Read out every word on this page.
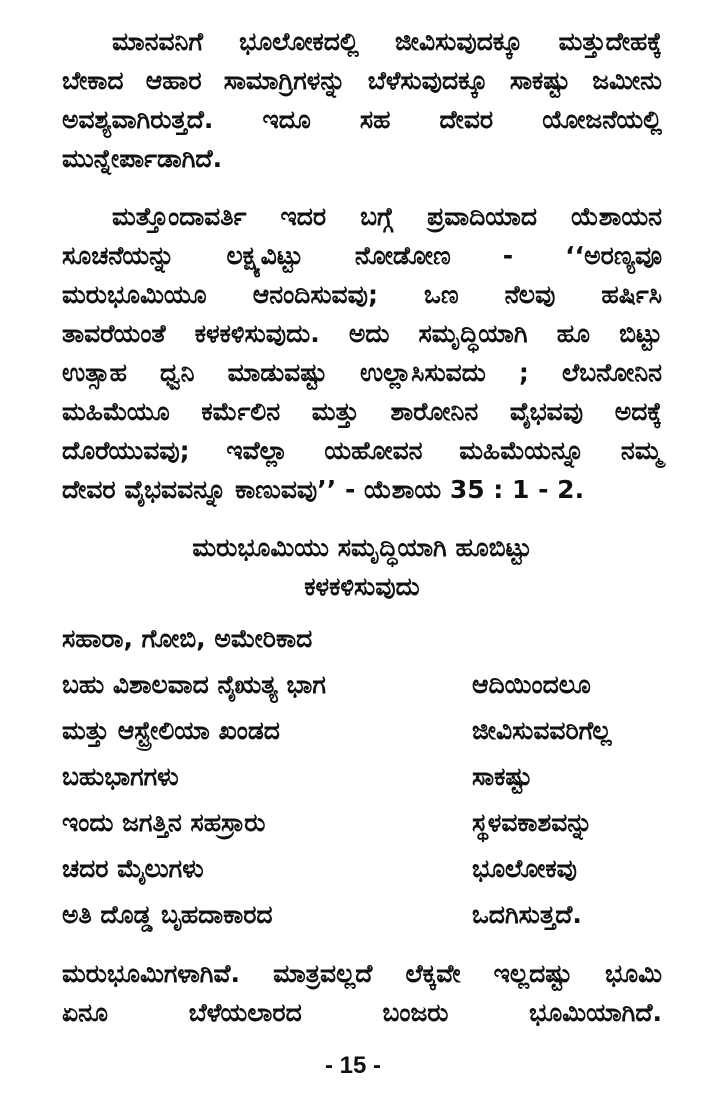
ಮಾನವನಿಗೆ ಭೂಲೋಕದಲ್ಲಿ ಜೀವಿಸುವುದಕ್ಕೂ ಮತ್ತುದೇಹಕ್ಕೆ
ಬೇಕಾದ ಆಹಾರ ಸಾಮಾಗ್ರಿಗಳನ್ನು ಬೆಳೆಸುವುದಕ್ಕೂ ಸಾಕಷ್ಟು ಜಮೀನು
ಅವಶ್ಯವಾಗಿರುತ್ತದೆ. ಇದೂ ಸಹ ದೇವರ ಯೋಜನೆಯಲ್ಲಿ
ಮುನ್ನೇರ್ಪಾಡಾಗಿದೆ.
ಮತ್ತೊಂದಾವರ್ತಿ ಇದರ ಬಗ್ಗೆ ಪ್ರವಾದಿಯಾದ ಯೆಶಾಯನ
ಸೂಚನೆಯನ್ನು ಲಕ್ಷ್ಯವಿಟ್ಟು ನೋಡೋಣ - ‘‘ಅರಣ್ಯವೂ
ಮರುಭೂಮಿಯೂ ಆನಂದಿಸುವವು; ಒಣ ನೆಲವು ಹರ್ಷಿಸಿ
ತಾವರೆಯಂತೆ ಕಳಕಳಿಸುವುದು. ಅದು ಸಮೃದ್ಧಿಯಾಗಿ ಹೂ ಬಿಟ್ಟು
ಉತ್ಸಾಹ ಧ್ವನಿ ಮಾಡುವಷ್ಟು ಉಲ್ಲಾಸಿಸುವದು ; ಲೆಬನೋನಿನ
ಮಹಿಮೆಯೂ ಕರ್ಮೆಲಿನ ಮತ್ತು ಶಾರೋನಿನ ವೈಭವವು ಅದಕ್ಕೆ
ದೊರೆಯುವವು; ಇವೆಲ್ಲಾ ಯಹೋವನ ಮಹಿಮೆಯನ್ನೂ ನಮ್ಮ
ದೇವರ ವೈಭವವನ್ನೂ ಕಾಣುವವು’’ - ಯೆಶಾಯ 35 : 1 - 2.
ಮರುಭೂಮಿಯು ಸಮೃದ್ಧಿಯಾಗಿ ಹೂಬಿಟ್ಟು
ಕಳಕಳಿಸುವುದು
ಸಹಾರಾ, ಗೋಬಿ, ಅಮೇರಿಕಾದ
ಬಹು ವಿಶಾಲವಾದ ನೈಋತ್ಯ ಭಾಗ	ಆದಿಯಿಂದಲೂ
ಮತ್ತು ಆಸ್ಟ್ರೇಲಿಯಾ ಖಂಡದ	ಜೀವಿಸುವವರಿಗೆಲ್ಲ
ಬಹುಭಾಗಗಳು	ಸಾಕಷ್ಟು
ಇಂದು ಜಗತ್ತಿನ ಸಹಸ್ರಾರು	ಸ್ಥಳವಕಾಶವನ್ನು
ಚದರ ಮೈಲುಗಳು	ಭೂಲೋಕವು
ಅತಿ ದೊಡ್ಡ ಬೃಹದಾಕಾರದ	ಒದಗಿಸುತ್ತದೆ.
ಮರುಭೂಮಿಗಳಾಗಿವೆ. ಮಾತ್ರವಲ್ಲದೆ ಲೆಕ್ಕವೇ ಇಲ್ಲದಷ್ಟು ಭೂಮಿ
ಏನೂ ಬೆಳೆಯಲಾರದ ಬಂಜರು ಭೂಮಿಯಾಗಿದೆ.
- 15 -
